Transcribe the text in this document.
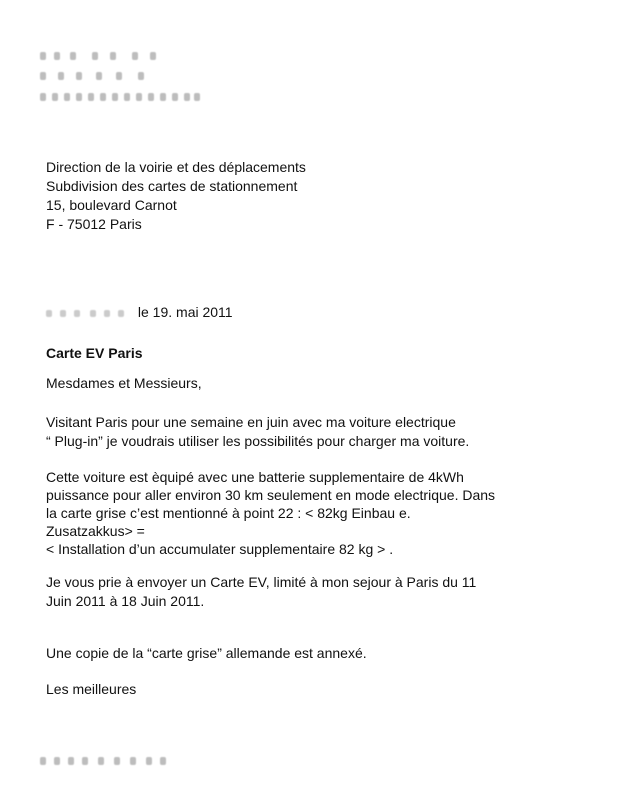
Direction de la voirie et des déplacements
Subdivision des cartes de stationnement
15, boulevard Carnot
F - 75012 Paris
le 19. mai 2011
Carte EV Paris
Mesdames et Messieurs,
Visitant Paris pour une semaine en juin avec ma voiture electrique
“ Plug-in” je voudrais utiliser les possibilités pour charger ma voiture.
Cette voiture est èquipé avec une batterie supplementaire de 4kWh
puissance pour aller environ 30 km seulement en mode electrique. Dans
la carte grise c’est mentionné à point 22 : < 82kg Einbau e.
Zusatzakkus> =
< Installation d’un accumulater supplementaire 82 kg > .
Je vous prie à envoyer un Carte EV, limité à mon sejour à Paris du 11
Juin 2011 à 18 Juin 2011.
Une copie de la “carte grise” allemande est annexé.
Les meilleures
